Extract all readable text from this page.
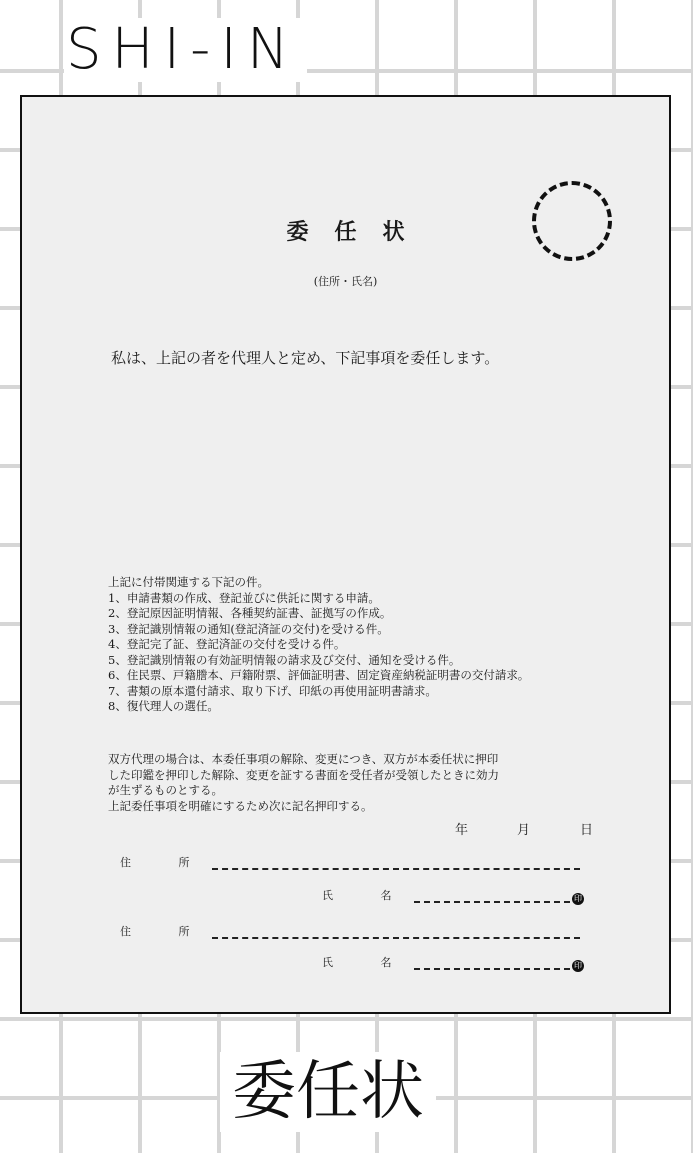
SHI-IN
委任状
(住所・氏名)
私は、上記の者を代理人と定め、下記事項を委任します。
上記に付帯関連する下記の件。
1、申請書類の作成、登記並びに供託に関する申請。
2、登記原因証明情報、各種契約証書、証拠写の作成。
3、登記識別情報の通知(登記済証の交付)を受ける件。
4、登記完了証、登記済証の交付を受ける件。
5、登記識別情報の有効証明情報の請求及び交付、通知を受ける件。
6、住民票、戸籍謄本、戸籍附票、評価証明書、固定資産納税証明書の交付請求。
7、書類の原本還付請求、取り下げ、印紙の再使用証明書請求。
8、復代理人の選任。
双方代理の場合は、本委任事項の解除、変更につき、双方が本委任状に押印
した印鑑を押印した解除、変更を証する書面を受任者が受領したときに効力
が生ずるものとする。
上記委任事項を明確にするため次に記名押印する。
年	月	日
住 所
氏 名	印
住 所
氏 名	印
委任状
